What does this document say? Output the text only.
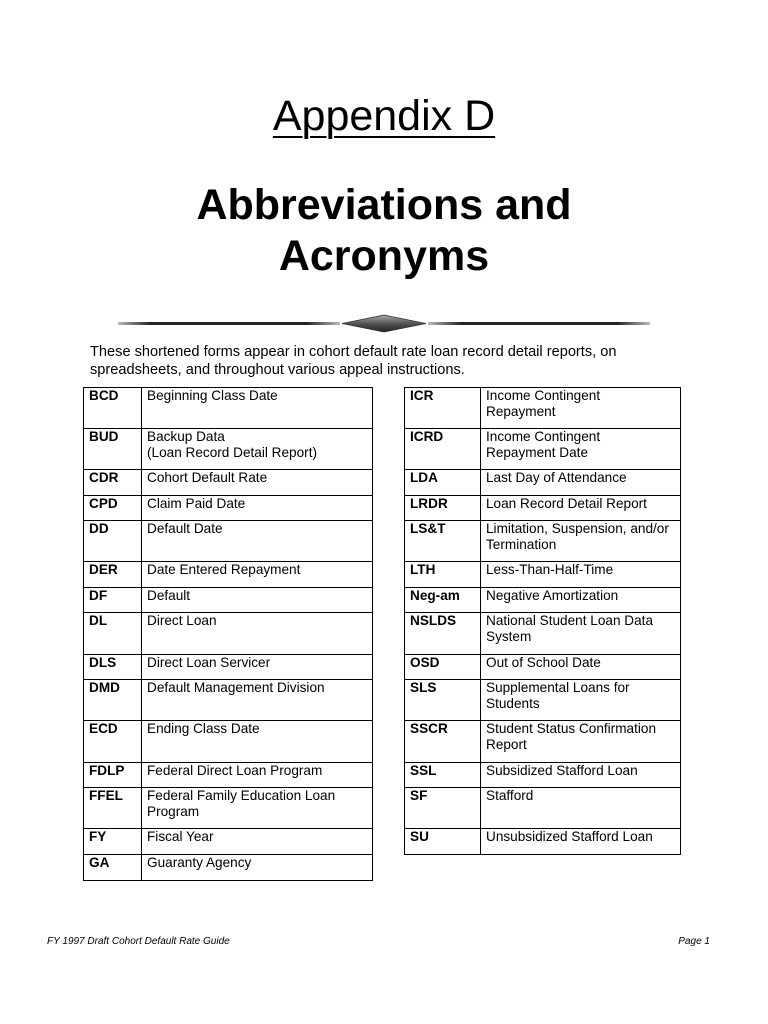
Appendix D
Abbreviations and
Acronyms

These shortened forms appear in cohort default rate loan record detail reports, on
spreadsheets, and throughout various appeal instructions.

BCD	Beginning Class Date
BUD	Backup Data
(Loan Record Detail Report)
CDR	Cohort Default Rate
CPD	Claim Paid Date
DD	Default Date
DER	Date Entered Repayment
DF	Default
DL	Direct Loan
DLS	Direct Loan Servicer
DMD	Default Management Division
ECD	Ending Class Date
FDLP	Federal Direct Loan Program
FFEL	Federal Family Education Loan
Program
FY	Fiscal Year
GA	Guaranty Agency
ICR	Income Contingent
Repayment
ICRD	Income Contingent
Repayment Date
LDA	Last Day of Attendance
LRDR	Loan Record Detail Report
LS&T	Limitation, Suspension, and/or
Termination
LTH	Less-Than-Half-Time
Neg-am	Negative Amortization
NSLDS	National Student Loan Data
System
OSD	Out of School Date
SLS	Supplemental Loans for
Students
SSCR	Student Status Confirmation
Report
SSL	Subsidized Stafford Loan
SF	Stafford
SU	Unsubsidized Stafford Loan
FY 1997 Draft Cohort Default Rate Guide	Page 1
